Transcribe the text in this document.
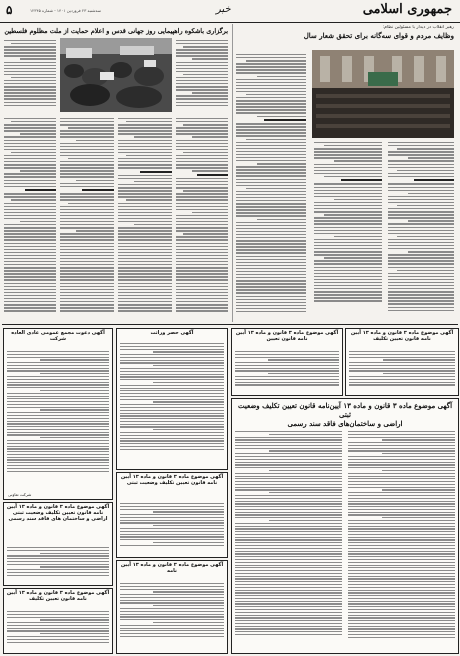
۵	سه‌شنبه ۲۳ فروردین ۱۴۰۱ - شماره ۱۲۳۴۵	خبر	جمهوری اسلامی
رهبر انقلاب در دیدار با مسئولین نظام:
وظایف مردم و قوای سه‌گانه برای تحقق شعار سال
برگزاری باشکوه راهپیمایی روز جهانی قدس و اعلام حمایت از ملت مظلوم فلسطین
آگهی دعوت مجمع عمومی عادی العاده شرکت
شرکت تعاونی
آگهی موضوع ماده ۳ قانون و ماده ۱۳ آیین نامه قانون تعیین تکلیف وضعیت ثبتی اراضی و ساختمان های فاقد سند رسمی
آگهی موضوع ماده ۳ قانون و ماده ۱۳ آیین نامه قانون تعیین تکلیف
آگهی حصر وراثت
آگهی موضوع ماده ۳ قانون و ماده ۱۳ آیین نامه قانون تعیین تکلیف وضعیت ثبتی
آگهی موضوع ماده ۳ قانون و ماده ۱۳ آیین نامه
آگهی موضوع ماده ۳ قانون و ماده ۱۳ آیین نامه قانون تعیین
آگهی موضوع ماده ۳ قانون و ماده ۱۳ آیین نامه قانون تعیین تکلیف
آگهی موضوع ماده ۳ قانون و ماده ۱۳ آیین‌نامه قانون تعیین تکلیف وضعیت ثبتی
اراضی و ساختمان‌های فاقد سند رسمی
